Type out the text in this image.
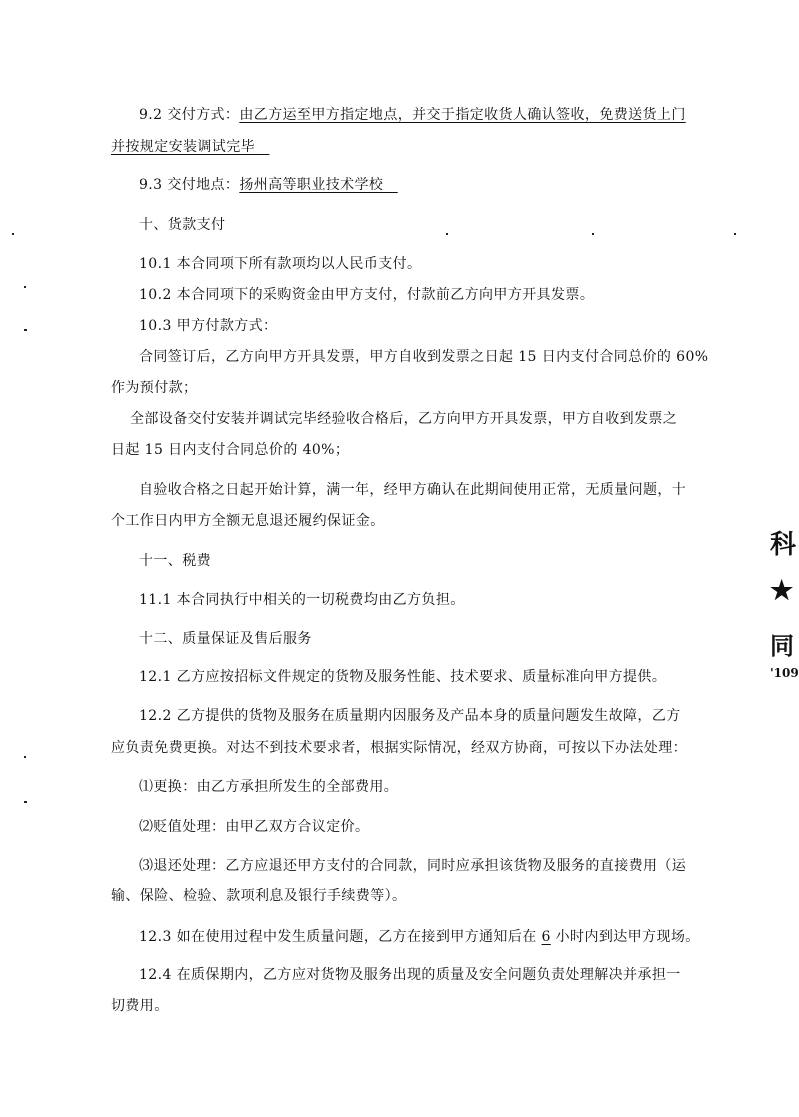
9.2 交付方式：由乙方运至甲方指定地点，并交于指定收货人确认签收，免费送货上门
并按规定安装调试完毕　
9.3 交付地点：扬州高等职业技术学校　
十、货款支付
10.1 本合同项下所有款项均以人民币支付。
10.2 本合同项下的采购资金由甲方支付，付款前乙方向甲方开具发票。
10.3 甲方付款方式：
合同签订后，乙方向甲方开具发票，甲方自收到发票之日起 15 日内支付合同总价的 60%
作为预付款；
全部设备交付安装并调试完毕经验收合格后，乙方向甲方开具发票，甲方自收到发票之
日起 15 日内支付合同总价的 40%；
自验收合格之日起开始计算，满一年，经甲方确认在此期间使用正常，无质量问题，十
个工作日内甲方全额无息退还履约保证金。
十一、税费
11.1 本合同执行中相关的一切税费均由乙方负担。
十二、质量保证及售后服务
12.1 乙方应按招标文件规定的货物及服务性能、技术要求、质量标准向甲方提供。
12.2 乙方提供的货物及服务在质量期内因服务及产品本身的质量问题发生故障，乙方
应负责免费更换。对达不到技术要求者，根据实际情况，经双方协商，可按以下办法处理：
⑴更换：由乙方承担所发生的全部费用。
⑵贬值处理：由甲乙双方合议定价。
⑶退还处理：乙方应退还甲方支付的合同款，同时应承担该货物及服务的直接费用（运
输、保险、检验、款项利息及银行手续费等）。
12.3 如在使用过程中发生质量问题，乙方在接到甲方通知后在 6 小时内到达甲方现场。
12.4 在质保期内，乙方应对货物及服务出现的质量及安全问题负责处理解决并承担一
切费用。
科
★
同
'109
